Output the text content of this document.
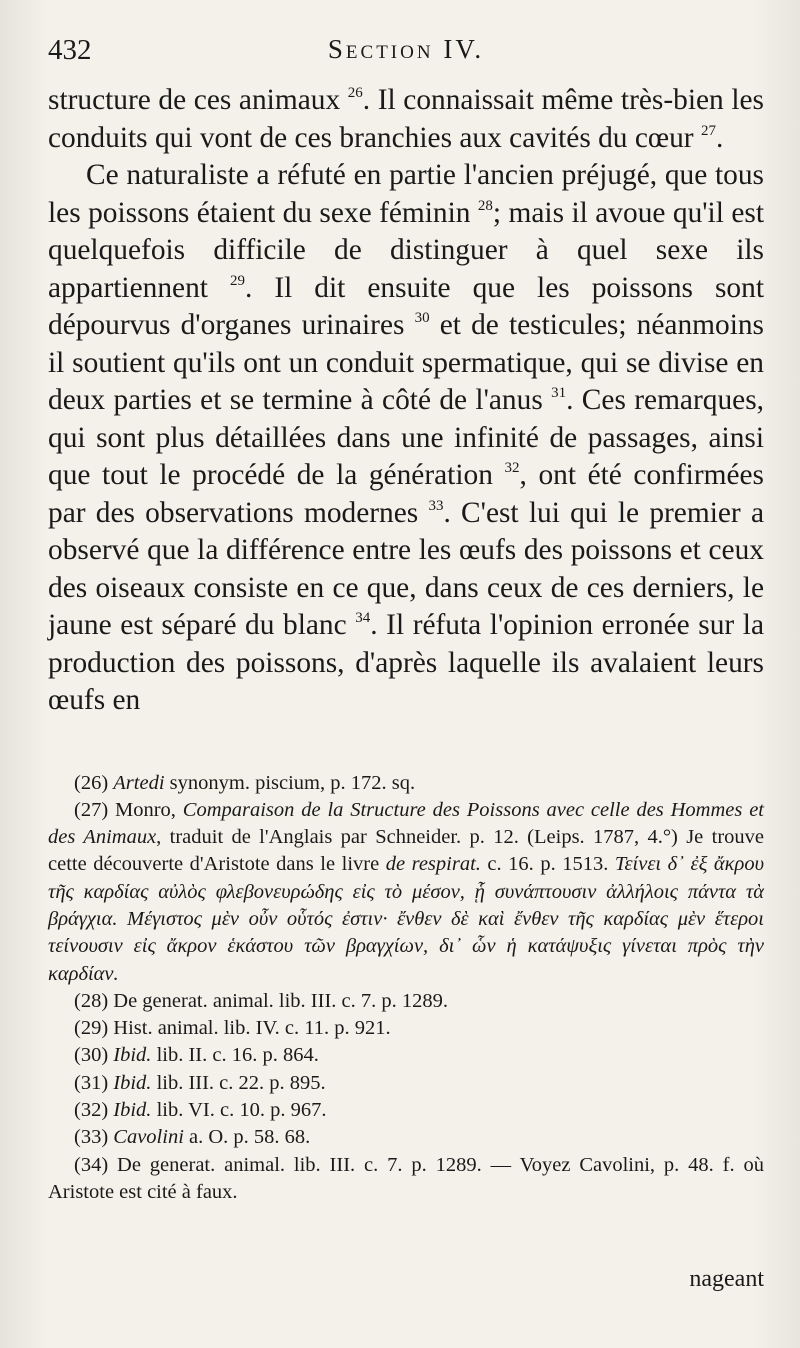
432	Section IV.

structure de ces animaux $^{26}$. Il connaissait même très-bien les conduits qui vont de ces branchies aux cavités du cœur $^{27}$.

Ce naturaliste a réfuté en partie l'ancien préjugé, que tous les poissons étaient du sexe féminin $^{28}$; mais il avoue qu'il est quelquefois difficile de distinguer à quel sexe ils appartiennent $^{29}$. Il dit ensuite que les poissons sont dépourvus d'organes urinaires $^{30}$ et de testicules; néanmoins il soutient qu'ils ont un conduit spermatique, qui se divise en deux parties et se termine à côté de l'anus $^{31}$. Ces remarques, qui sont plus détaillées dans une infinité de passages, ainsi que tout le procédé de la génération $^{32}$, ont été confirmées par des observations modernes $^{33}$. C'est lui qui le premier a observé que la différence entre les œufs des poissons et ceux des oiseaux consiste en ce que, dans ceux de ces derniers, le jaune est séparé du blanc $^{34}$. Il réfuta l'opinion erronée sur la production des poissons, d'après laquelle ils avalaient leurs œufs en

(26) Artedi synonym. piscium, p. 172. sq.

(27) Monro, Comparaison de la Structure des Poissons avec celle des Hommes et des Animaux, traduit de l'Anglais par Schneider. p. 12. (Leips. 1787, 4.°) Je trouve cette découverte d'Aristote dans le livre de respirat. c. 16. p. 1513. Τείνει δ᾽ ἐξ ἄκρου τῆς καρδίας αὐλὸς φλεβονευρώδης εἰς τὸ μέσον, ᾗ συνάπτουσιν ἀλλήλοις πάντα τὰ βράγχια. Μέγιστος μὲν οὖν οὗτός ἐστιν· ἔνθεν δὲ καὶ ἔνθεν τῆς καρδίας μὲν ἕτεροι τείνουσιν εἰς ἄκρον ἑκάστου τῶν βραγχίων, δι᾽ ὧν ἡ κατάψυξις γίνεται πρὸς τὴν καρδίαν.

(28) De generat. animal. lib. III. c. 7. p. 1289.

(29) Hist. animal. lib. IV. c. 11. p. 921.

(30) Ibid. lib. II. c. 16. p. 864.

(31) Ibid. lib. III. c. 22. p. 895.

(32) Ibid. lib. VI. c. 10. p. 967.

(33) Cavolini a. O. p. 58. 68.

(34) De generat. animal. lib. III. c. 7. p. 1289. — Voyez Cavolini, p. 48. f. où Aristote est cité à faux.

nageant
